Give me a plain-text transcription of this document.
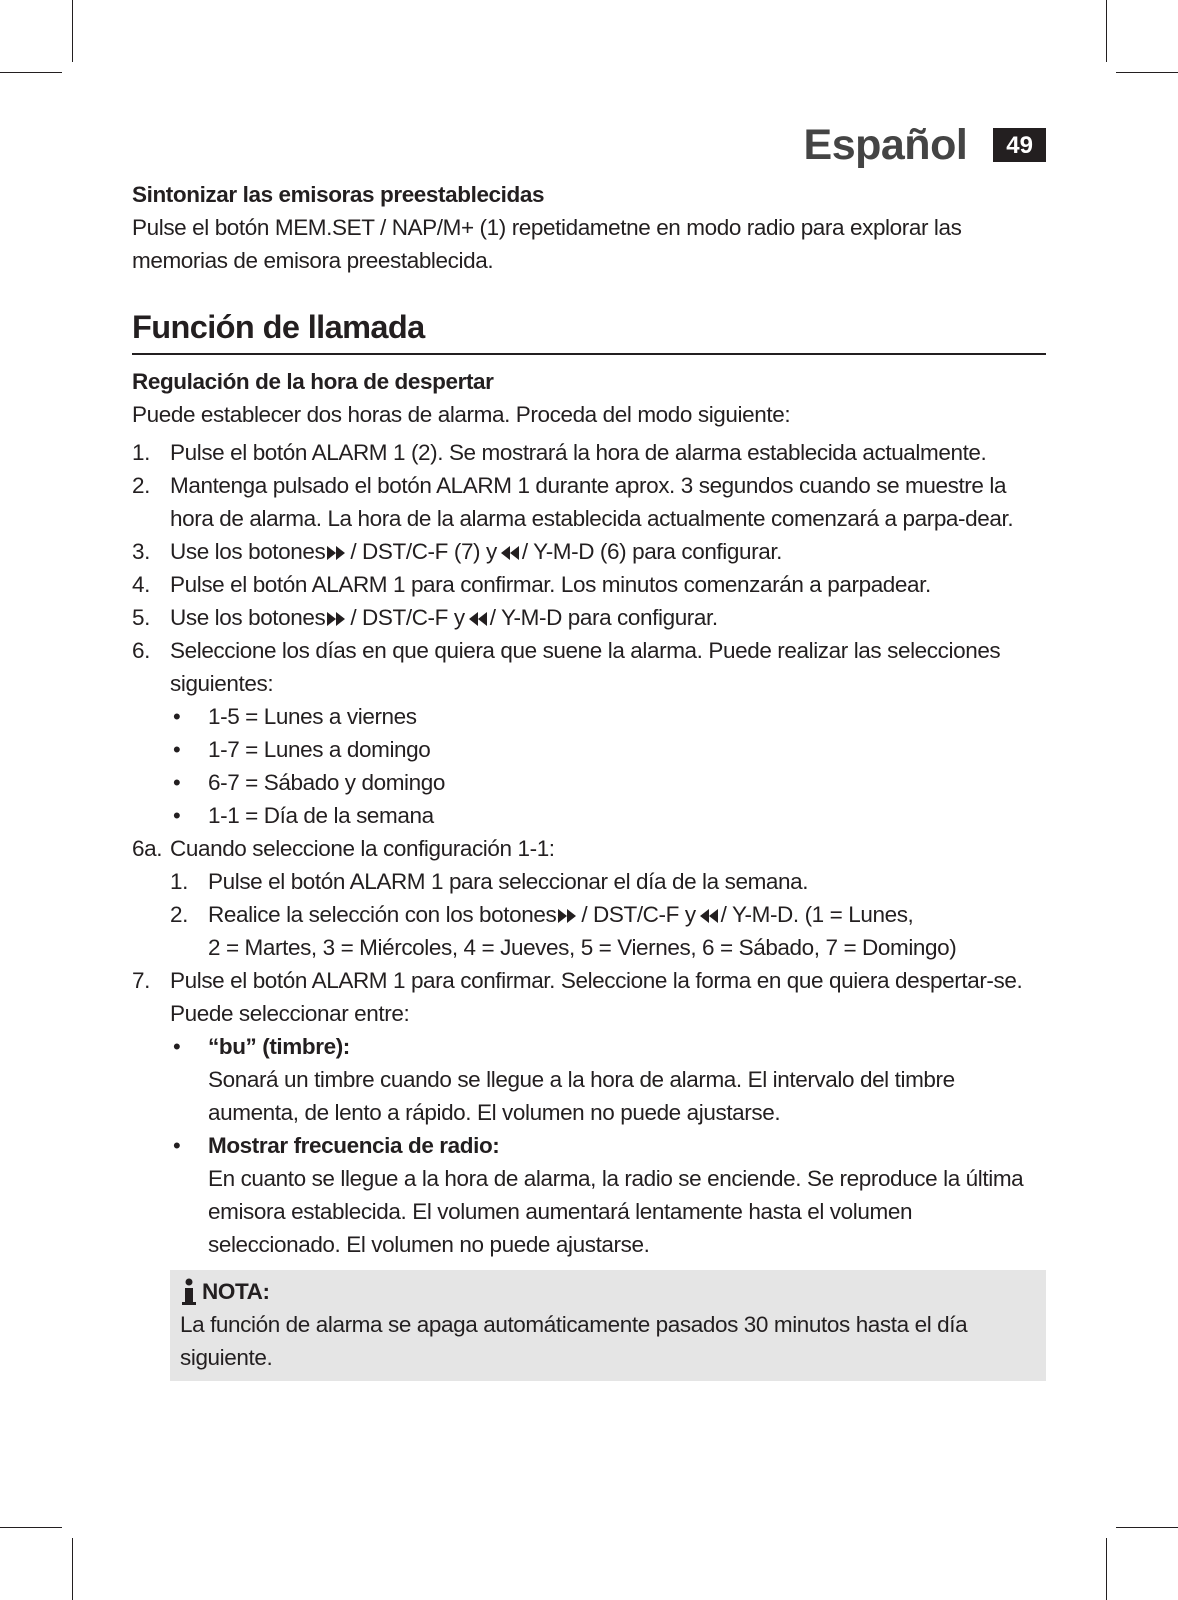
Español	49
Sintonizar las emisoras preestablecidas

Pulse el botón MEM.SET / NAP/M+ (1) repetidametne en modo radio para explorar las memorias de emisora preestablecida.

Función de llamada
Regulación de la hora de despertar

Puede establecer dos horas de alarma. Proceda del modo siguiente:

1. Pulse el botón ALARM 1 (2). Se mostrará la hora de alarma establecida actualmente.
2. Mantenga pulsado el botón ALARM 1 durante aprox. 3 segundos cuando se muestre la hora de alarma. La hora de la alarma establecida actualmente comenzará a parpa-dear.
3. Use los botones / DST/C-F (7) y / Y-M-D (6) para configurar.
4. Pulse el botón ALARM 1 para confirmar. Los minutos comenzarán a parpadear.
5. Use los botones / DST/C-F y / Y-M-D para configurar.
6. Seleccione los días en que quiera que suene la alarma. Puede realizar las selecciones siguientes:
• 1-5 = Lunes a viernes
• 1-7 = Lunes a domingo
• 6-7 = Sábado y domingo
• 1-1 = Día de la semana
6a. Cuando seleccione la configuración 1-1:
1. Pulse el botón ALARM 1 para seleccionar el día de la semana.
2. Realice la selección con los botones / DST/C-F y / Y-M-D. (1 = Lunes,
2 = Martes, 3 = Miércoles, 4 = Jueves, 5 = Viernes, 6 = Sábado, 7 = Domingo)
7. Pulse el botón ALARM 1 para confirmar. Seleccione la forma en que quiera despertar-se. Puede seleccionar entre:
• “bu” (timbre):
Sonará un timbre cuando se llegue a la hora de alarma. El intervalo del timbre aumenta, de lento a rápido. El volumen no puede ajustarse.
• Mostrar frecuencia de radio:
En cuanto se llegue a la hora de alarma, la radio se enciende. Se reproduce la última emisora establecida. El volumen aumentará lentamente hasta el volumen seleccionado. El volumen no puede ajustarse.
NOTA:
La función de alarma se apaga automáticamente pasados 30 minutos hasta el día siguiente.
